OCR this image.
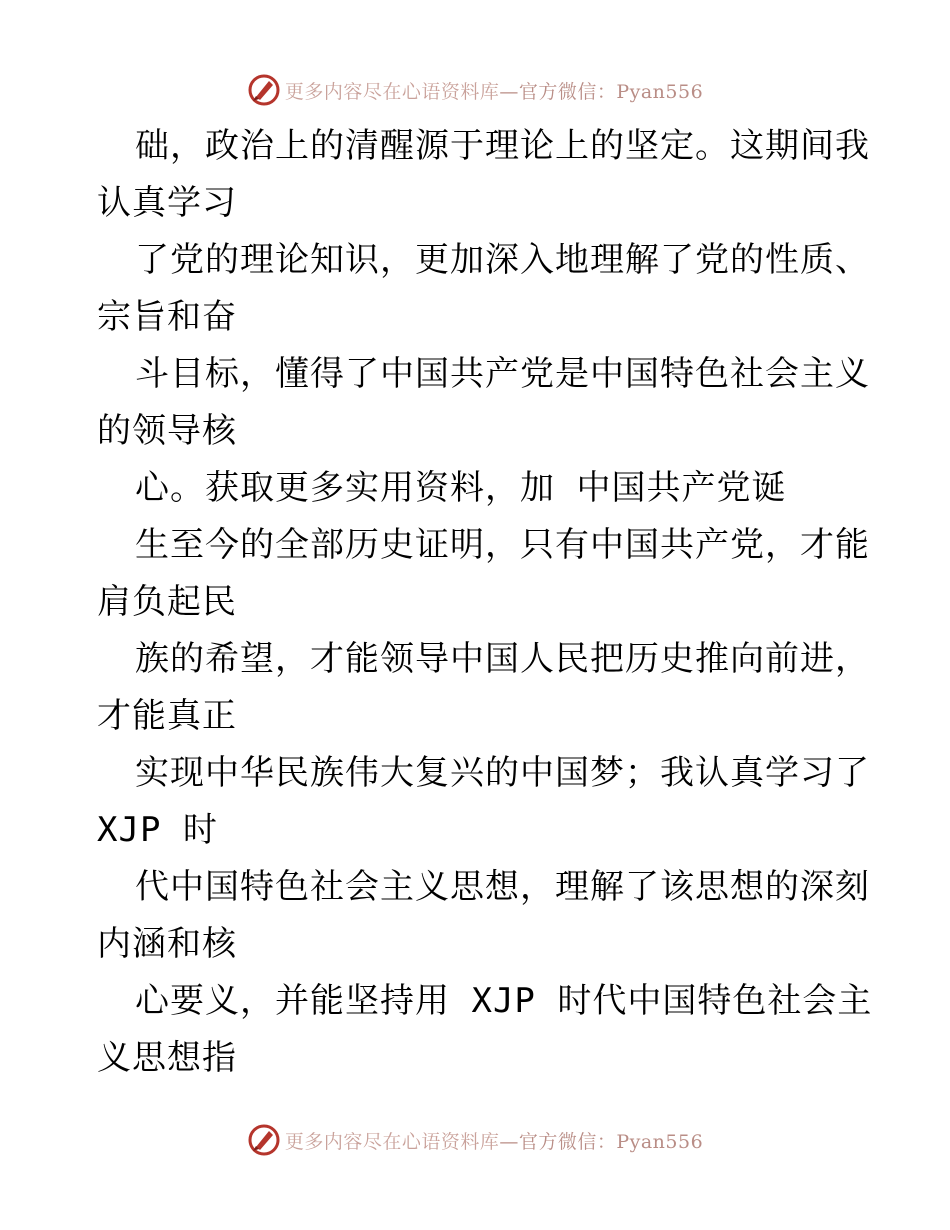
更多内容尽在心语资料库—官方微信：Pyan556
础，政治上的清醒源于理论上的坚定。这期间我
认真学习
了党的理论知识，更加深入地理解了党的性质、
宗旨和奋
斗目标，懂得了中国共产党是中国特色社会主义
的领导核
心。获取更多实用资料，加 中国共产党诞
生至今的全部历史证明，只有中国共产党，才能
肩负起民
族的希望，才能领导中国人民把历史推向前进，
才能真正
实现中华民族伟大复兴的中国梦；我认真学习了
XJP 时
代中国特色社会主义思想，理解了该思想的深刻
内涵和核
心要义，并能坚持用 XJP 时代中国特色社会主
义思想指
更多内容尽在心语资料库—官方微信：Pyan556
